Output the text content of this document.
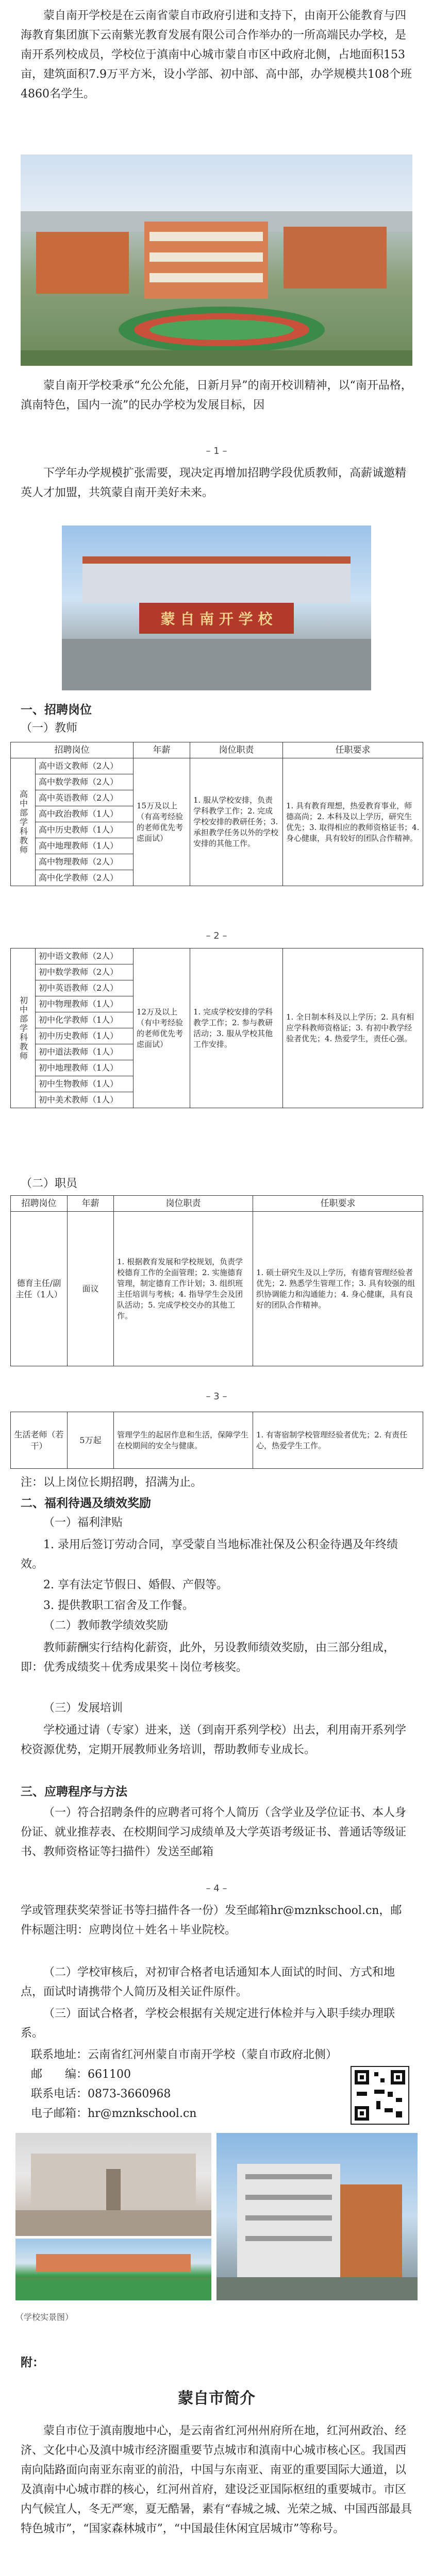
蒙自南开学校是在云南省蒙自市政府引进和支持下，由南开公能教育与四海教育集团旗下云南紫光教育发展有限公司合作举办的一所高端民办学校，是南开系列校成员，学校位于滇南中心城市蒙自市区中政府北侧，占地面积153亩，建筑面积7.9万平方米，设小学部、初中部、高中部，办学规模共108个班4860名学生。

蒙自南开学校秉承“允公允能，日新月异”的南开校训精神，以“南开品格，滇南特色，国内一流”的民办学校为发展目标，因

– 1 –

下学年办学规模扩张需要，现决定再增加招聘学段优质教师，高薪诚邀精英人才加盟，共筑蒙自南开美好未来。

蒙 自 南 开 学 校
一、招聘岗位
（一）教师
招聘岗位		年薪	岗位职责	任职要求

高中部学科教师	高中语文教师（2人）	15万及以上（有高考经验的老师优先考虑面试）	1. 服从学校安排，负责学科教学工作；2. 完成学校安排的教研任务；3. 承担教学任务以外的学校安排的其他工作。	1. 具有教育理想，热爱教育事业，师德高尚；2. 本科及以上学历，研究生优先；3. 取得相应的教师资格证书；4. 身心健康，具有较好的团队合作精神。
	高中数学教师（2人）			
	高中英语教师（2人）			
	高中政治教师（1人）			
	高中历史教师（1人）			
	高中地理教师（1人）			
	高中物理教师（2人）			
	高中化学教师（2人）			
– 2 –
初中部学科教师
	初中语文教师（2人）	12万及以上（有中考经验的老师优先考虑面试）	1. 完成学校安排的学科教学工作；2. 参与教研活动；3. 服从学校其他工作安排。	1. 全日制本科及以上学历；2. 具有相应学科教师资格证；3. 有初中教学经验者优先；4. 热爱学生，责任心强。
初中数学教师（2人）
初中英语教师（2人）
初中物理教师（1人）
初中化学教师（1人）
初中历史教师（1人）
初中道法教师（1人）
初中地理教师（1人）
初中生物教师（1人）
初中美术教师（1人）
（二）职员
招聘岗位	年薪	岗位职责	任职要求
德育主任/副主任（1人）	面议	1. 根据教育发展和学校规划，负责学校德育工作的全面管理；2. 实施德育管理，制定德育工作计划；3. 组织班主任培训与考核；4. 指导学生会及团队活动；5. 完成学校交办的其他工作。	1. 硕士研究生及以上学历，有德育管理经验者优先；2. 熟悉学生管理工作；3. 具有较强的组织协调能力和沟通能力；4. 身心健康，具有良好的团队合作精神。
– 3 –
生活老师（若干）	5万起	管理学生的起居作息和生活，保障学生在校期间的安全与健康。	1. 有寄宿制学校管理经验者优先；2. 有责任心，热爱学生工作。
注：以上岗位长期招聘，招满为止。
二、福利待遇及绩效奖励
（一）福利津贴

1. 录用后签订劳动合同，享受蒙自当地标准社保及公积金待遇及年终绩效。

2. 享有法定节假日、婚假、产假等。

3. 提供教职工宿舍及工作餐。

（二）教师教学绩效奖励

教师薪酬实行结构化薪资，此外，另设教师绩效奖励，由三部分组成，即：优秀成绩奖＋优秀成果奖＋岗位考核奖。

（三）发展培训

学校通过请（专家）进来，送（到南开系列学校）出去，利用南开系列学校资源优势，定期开展教师业务培训，帮助教师专业成长。

三、应聘程序与方法

（一）符合招聘条件的应聘者可将个人简历（含学业及学位证书、本人身份证、就业推荐表、在校期间学习成绩单及大学英语考级证书、普通话等级证书、教师资格证等扫描件）发送至邮箱

– 4 –

学或管理获奖荣誉证书等扫描件各一份）发至邮箱hr@mznkschool.cn，邮件标题注明：应聘岗位＋姓名＋毕业院校。

（二）学校审核后，对初审合格者电话通知本人面试的时间、方式和地点，面试时请携带个人简历及相关证件原件。

（三）面试合格者，学校会根据有关规定进行体检并与入职手续办理联系。

联系地址：云南省红河州蒙自市南开学校（蒙自市政府北侧）
邮　　编：661100
联系电话：0873-3660968
电子邮箱：hr@mznkschool.cn
（学校实景图）
附：
蒙自市简介

蒙自市位于滇南腹地中心，是云南省红河州州府所在地，红河州政治、经济、文化中心及滇中城市经济圈重要节点城市和滇南中心城市核心区。我国西南向陆路面向南亚东南亚的前沿，中国与东南亚、南亚的重要国际大通道，以及滇南中心城市群的核心，红河州首府，建设泛亚国际枢纽的重要城市。市区内气候宜人，冬无严寒，夏无酷暑，素有“春城之城、光荣之城、中国西部最具特色城市”，“国家森林城市”，“中国最佳休闲宜居城市”等称号。
